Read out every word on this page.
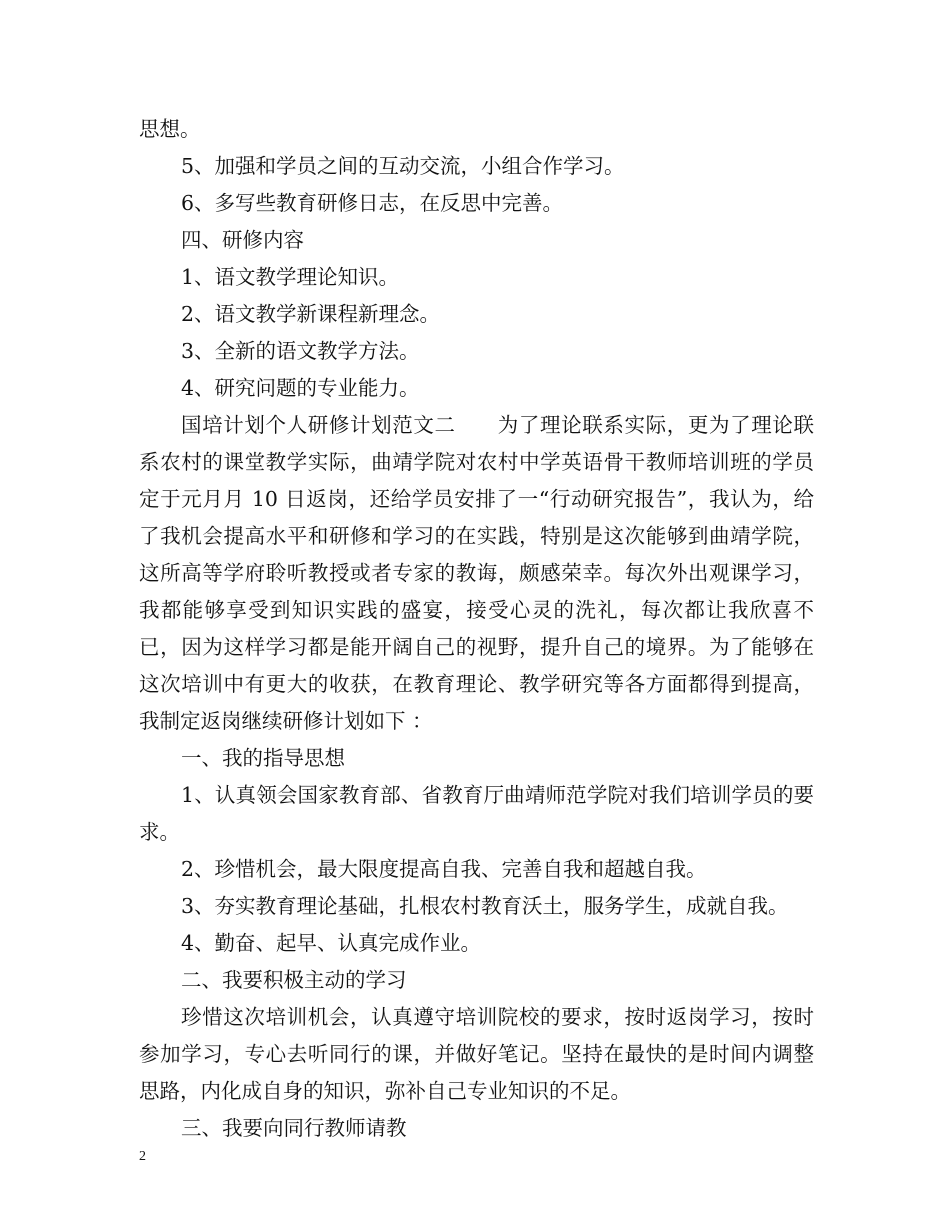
思想。

5、加强和学员之间的互动交流，小组合作学习。

6、多写些教育研修日志，在反思中完善。

四、研修内容

1、语文教学理论知识。

2、语文教学新课程新理念。

3、全新的语文教学方法。

4、研究问题的专业能力。

国培计划个人研修计划范文二　　为了理论联系实际，更为了理论联系农村的课堂教学实际，曲靖学院对农村中学英语骨干教师培训班的学员定于元月月 10 日返岗，还给学员安排了一“行动研究报告”，我认为，给了我机会提高水平和研修和学习的在实践，特别是这次能够到曲靖学院，这所高等学府聆听教授或者专家的教诲，颇感荣幸。每次外出观课学习，我都能够享受到知识实践的盛宴，接受心灵的洗礼，每次都让我欣喜不已，因为这样学习都是能开阔自己的视野，提升自己的境界。为了能够在这次培训中有更大的收获，在教育理论、教学研究等各方面都得到提高，我制定返岗继续研修计划如下 ：

一、我的指导思想

1、认真领会国家教育部、省教育厅曲靖师范学院对我们培训学员的要求。

2、珍惜机会，最大限度提高自我、完善自我和超越自我。

3、夯实教育理论基础，扎根农村教育沃土，服务学生，成就自我。

4、勤奋、起早、认真完成作业。

二、我要积极主动的学习

珍惜这次培训机会，认真遵守培训院校的要求，按时返岗学习，按时参加学习，专心去听同行的课，并做好笔记。坚持在最快的是时间内调整思路，内化成自身的知识，弥补自己专业知识的不足。

三、我要向同行教师请教

2
